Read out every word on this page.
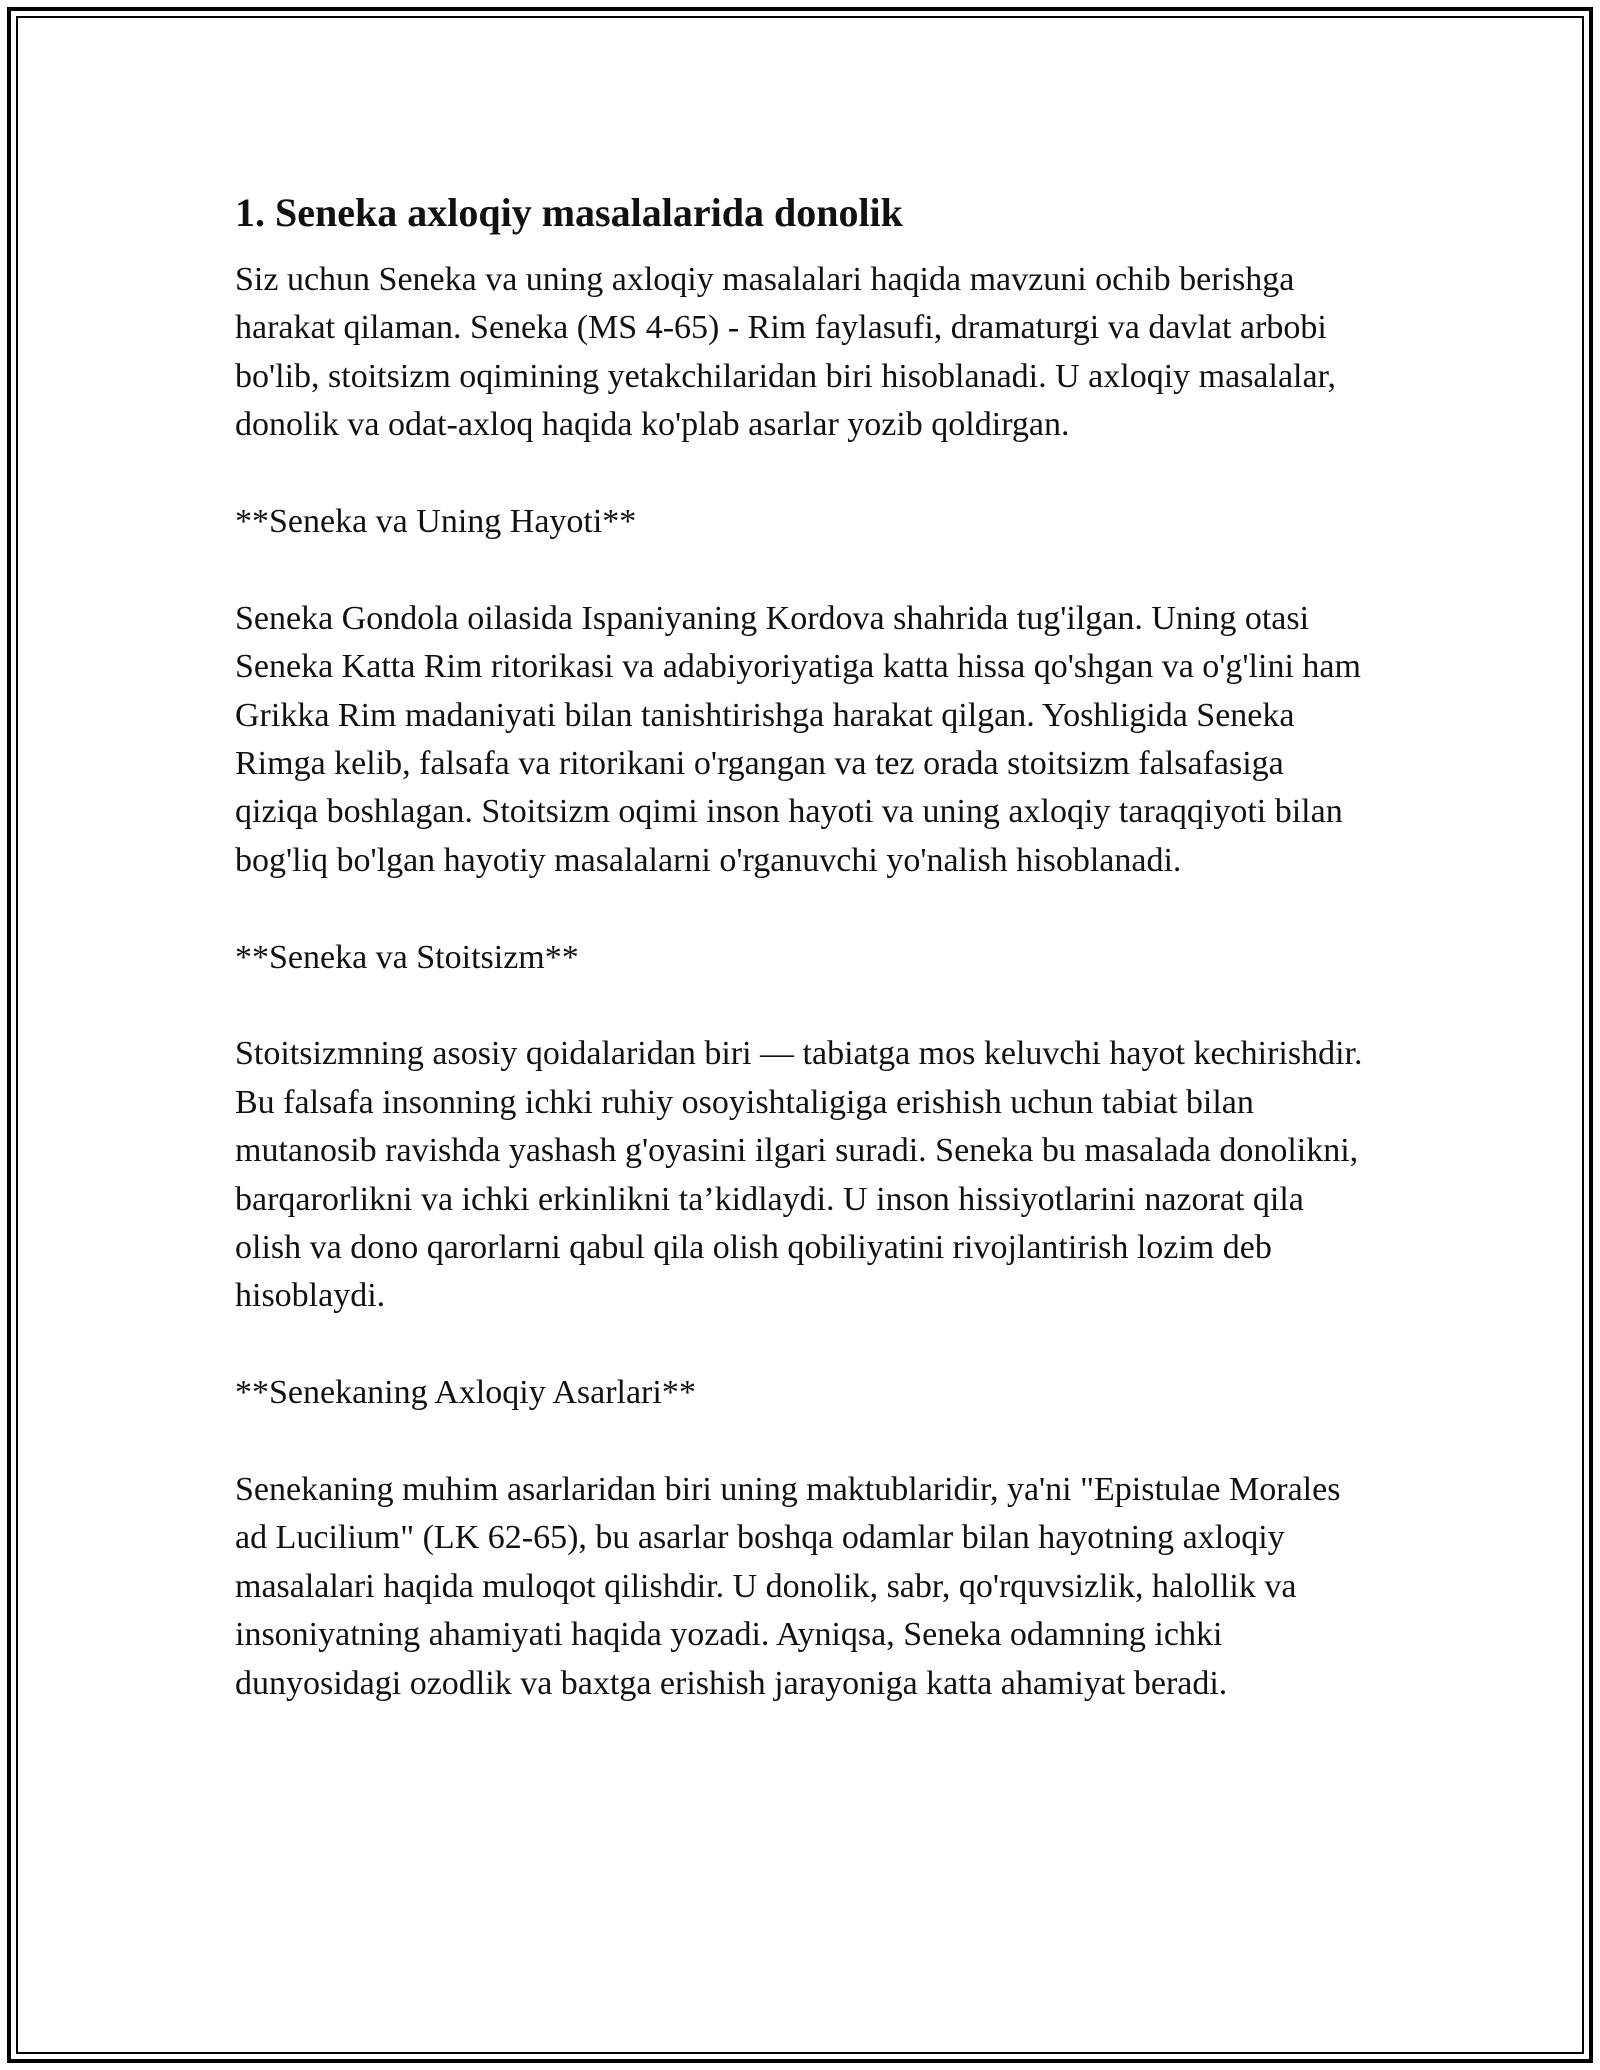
1. Seneka axloqiy masalalarida donolik

Siz uchun Seneka va uning axloqiy masalalari haqida mavzuni ochib berishga harakat qilaman. Seneka (MS 4-65) - Rim faylasufi, dramaturgi va davlat arbobi bo'lib, stoitsizm oqimining yetakchilaridan biri hisoblanadi. U axloqiy masalalar, donolik va odat-axloq haqida ko'plab asarlar yozib qoldirgan.

**Seneka va Uning Hayoti**

Seneka Gondola oilasida Ispaniyaning Kordova shahrida tug'ilgan. Uning otasi Seneka Katta Rim ritorikasi va adabiyoriyatiga katta hissa qo'shgan va o'g'lini ham Grikka Rim madaniyati bilan tanishtirishga harakat qilgan. Yoshligida Seneka Rimga kelib, falsafa va ritorikani o'rgangan va tez orada stoitsizm falsafasiga qiziqa boshlagan. Stoitsizm oqimi inson hayoti va uning axloqiy taraqqiyoti bilan bog'liq bo'lgan hayotiy masalalarni o'rganuvchi yo'nalish hisoblanadi.

**Seneka va Stoitsizm**

Stoitsizmning asosiy qoidalaridan biri — tabiatga mos keluvchi hayot kechirishdir. Bu falsafa insonning ichki ruhiy osoyishtaligiga erishish uchun tabiat bilan mutanosib ravishda yashash g'oyasini ilgari suradi. Seneka bu masalada donolikni, barqarorlikni va ichki erkinlikni ta’kidlaydi. U inson hissiyotlarini nazorat qila olish va dono qarorlarni qabul qila olish qobiliyatini rivojlantirish lozim deb hisoblaydi.

**Senekaning Axloqiy Asarlari**

Senekaning muhim asarlaridan biri uning maktublaridir, ya'ni "Epistulae Morales ad Lucilium" (LK 62-65), bu asarlar boshqa odamlar bilan hayotning axloqiy masalalari haqida muloqot qilishdir. U donolik, sabr, qo'rquvsizlik, halollik va insoniyatning ahamiyati haqida yozadi. Ayniqsa, Seneka odamning ichki dunyosidagi ozodlik va baxtga erishish jarayoniga katta ahamiyat beradi.
